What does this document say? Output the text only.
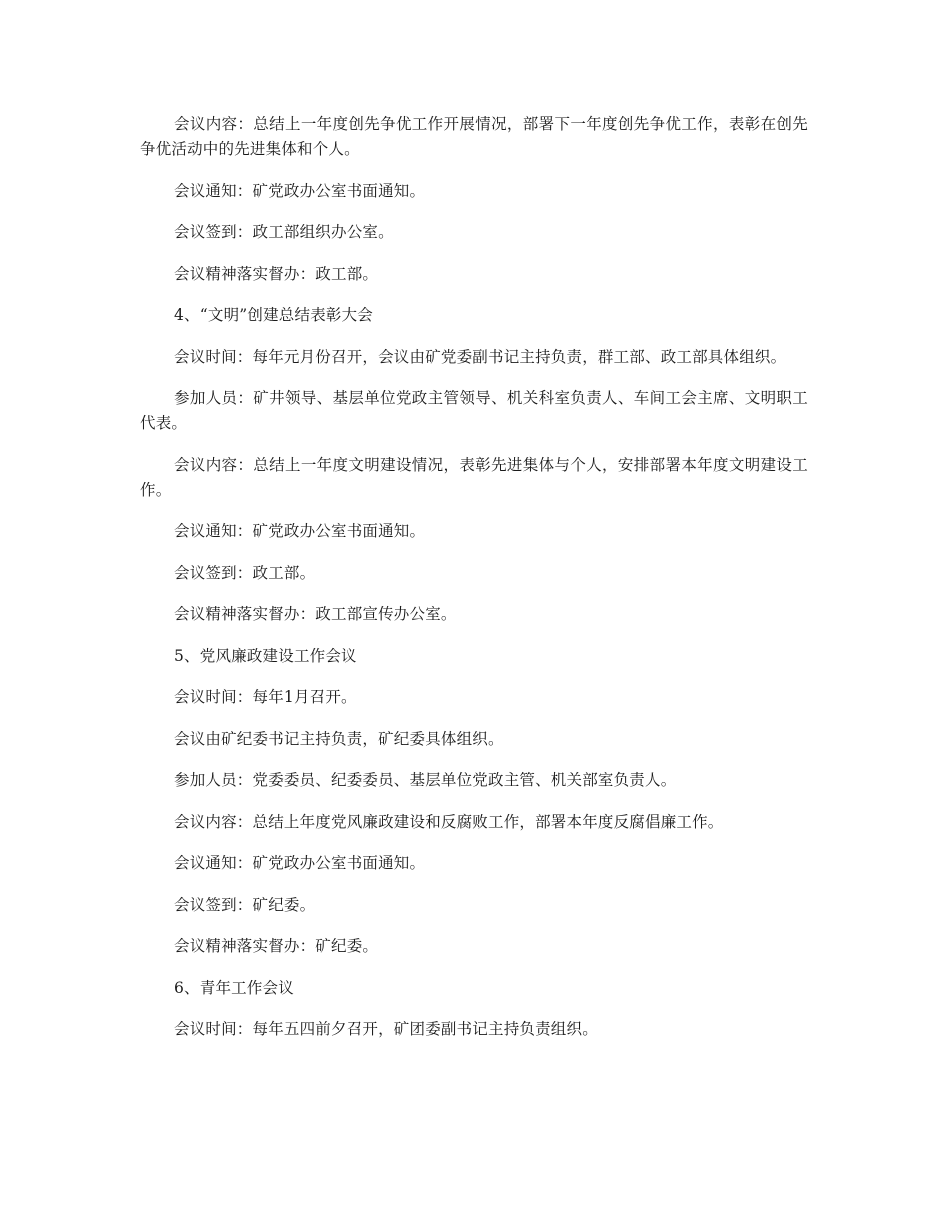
会议内容：总结上一年度创先争优工作开展情况，部署下一年度创先争优工作，表彰在创先争优活动中的先进集体和个人。

会议通知：矿党政办公室书面通知。

会议签到：政工部组织办公室。

会议精神落实督办：政工部。

4、“文明”创建总结表彰大会

会议时间：每年元月份召开，会议由矿党委副书记主持负责，群工部、政工部具体组织。

参加人员：矿井领导、基层单位党政主管领导、机关科室负责人、车间工会主席、文明职工代表。

会议内容：总结上一年度文明建设情况，表彰先进集体与个人，安排部署本年度文明建设工作。

会议通知：矿党政办公室书面通知。

会议签到：政工部。

会议精神落实督办：政工部宣传办公室。

5、党风廉政建设工作会议

会议时间：每年1月召开。

会议由矿纪委书记主持负责，矿纪委具体组织。

参加人员：党委委员、纪委委员、基层单位党政主管、机关部室负责人。

会议内容：总结上年度党风廉政建设和反腐败工作，部署本年度反腐倡廉工作。

会议通知：矿党政办公室书面通知。

会议签到：矿纪委。

会议精神落实督办：矿纪委。

6、青年工作会议

会议时间：每年五四前夕召开，矿团委副书记主持负责组织。
